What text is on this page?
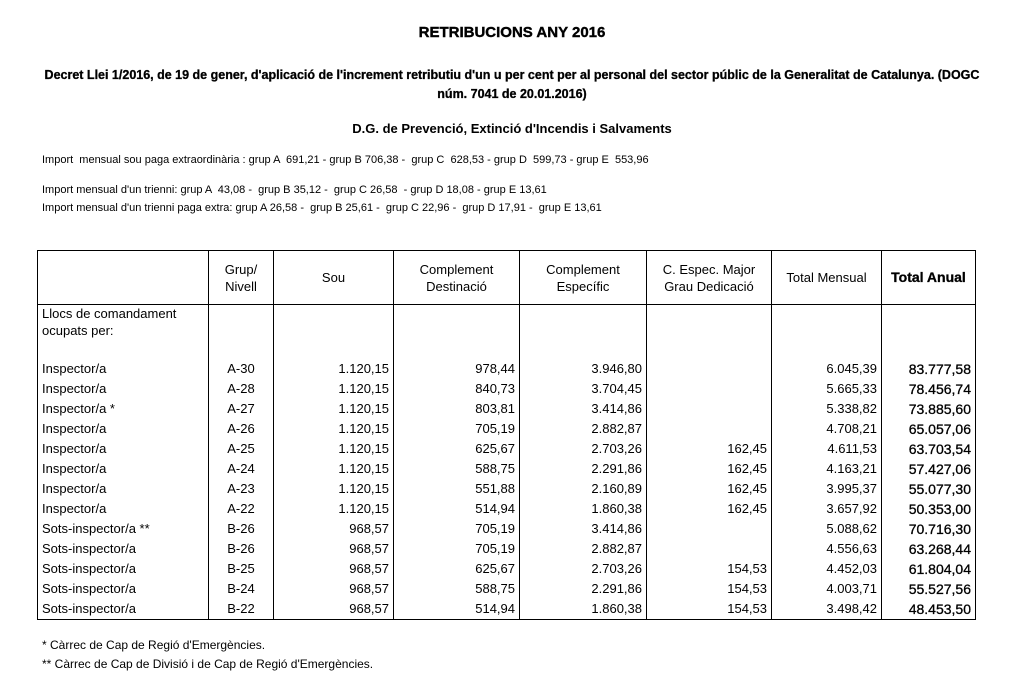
RETRIBUCIONS ANY 2016
Decret Llei 1/2016, de 19 de gener, d'aplicació de l'increment retributiu d'un u per cent per al personal del sector públic de la Generalitat de Catalunya. (DOGC núm. 7041 de 20.01.2016)
D.G. de Prevenció, Extinció d'Incendis i Salvaments
Import  mensual sou paga extraordinària : grup A  691,21 - grup B 706,38 -  grup C  628,53 - grup D  599,73 - grup E  553,96
Import mensual d'un trienni: grup A  43,08 -  grup B 35,12 -  grup C 26,58  - grup D 18,08 - grup E 13,61
Import mensual d'un trienni paga extra: grup A 26,58 -  grup B 25,61 -  grup C 22,96 -  grup D 17,91 -  grup E 13,61
	Grup/ Nivell	Sou	Complement Destinació	Complement Específic	C. Espec. Major Grau Dedicació	Total Mensual	Total Anual
Llocs de comandament ocupats per:							

Inspector/a	A-30	1.120,15	978,44	3.946,80		6.045,39	83.777,58
Inspector/a	A-28	1.120,15	840,73	3.704,45		5.665,33	78.456,74
Inspector/a *	A-27	1.120,15	803,81	3.414,86		5.338,82	73.885,60
Inspector/a	A-26	1.120,15	705,19	2.882,87		4.708,21	65.057,06
Inspector/a	A-25	1.120,15	625,67	2.703,26	162,45	4.611,53	63.703,54
Inspector/a	A-24	1.120,15	588,75	2.291,86	162,45	4.163,21	57.427,06
Inspector/a	A-23	1.120,15	551,88	2.160,89	162,45	3.995,37	55.077,30
Inspector/a	A-22	1.120,15	514,94	1.860,38	162,45	3.657,92	50.353,00
Sots-inspector/a **	B-26	968,57	705,19	3.414,86		5.088,62	70.716,30
Sots-inspector/a	B-26	968,57	705,19	2.882,87		4.556,63	63.268,44
Sots-inspector/a	B-25	968,57	625,67	2.703,26	154,53	4.452,03	61.804,04
Sots-inspector/a	B-24	968,57	588,75	2.291,86	154,53	4.003,71	55.527,56
Sots-inspector/a	B-22	968,57	514,94	1.860,38	154,53	3.498,42	48.453,50
* Càrrec de Cap de Regió d'Emergències.
** Càrrec de Cap de Divisió i de Cap de Regió d'Emergències.
